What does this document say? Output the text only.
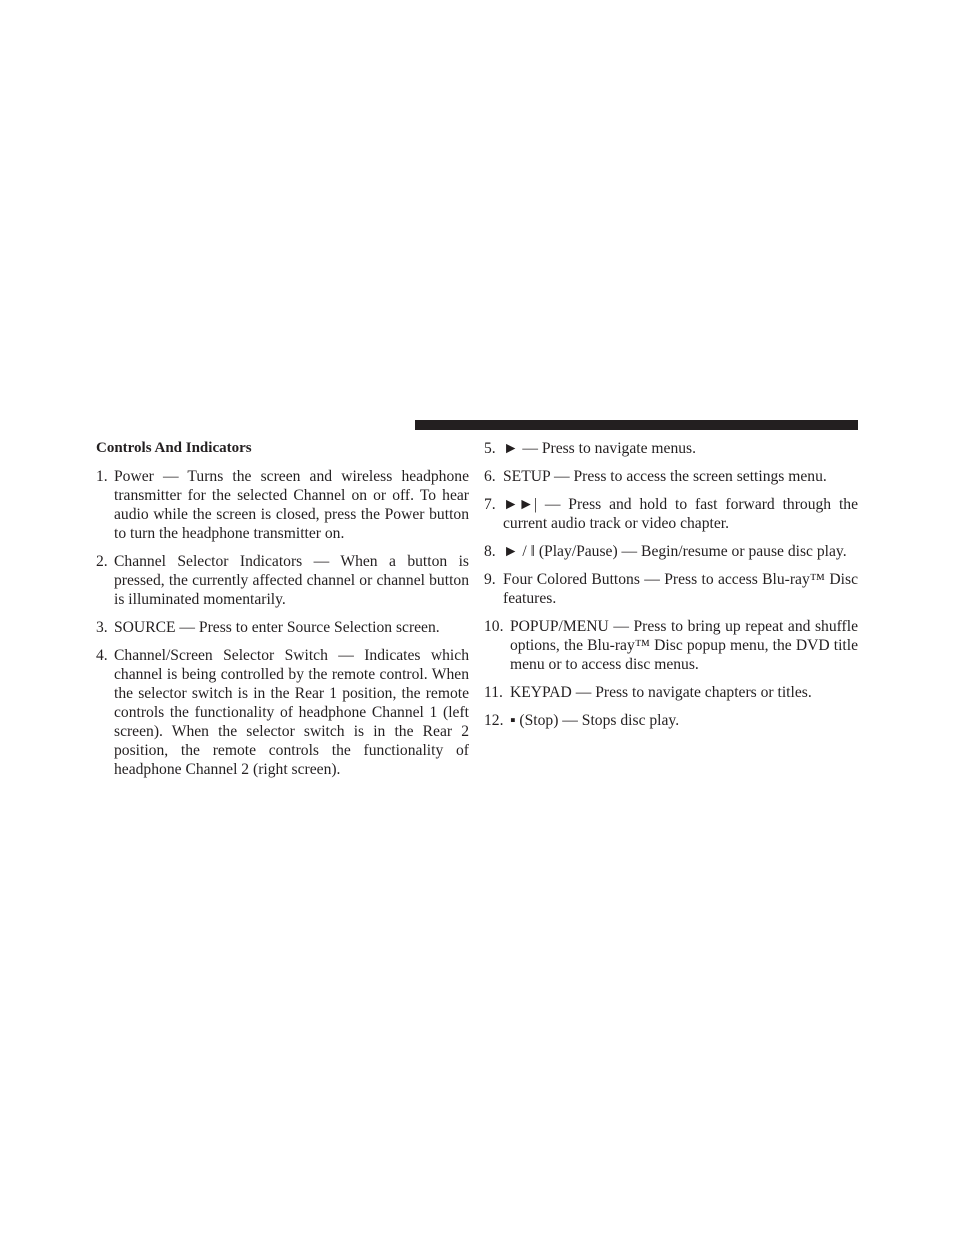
Controls And Indicators
1. Power — Turns the screen and wireless headphone transmitter for the selected Channel on or off. To hear audio while the screen is closed, press the Power button to turn the headphone transmitter on.
2. Channel Selector Indicators — When a button is pressed, the currently affected channel or channel button is illuminated momentarily.
3. SOURCE — Press to enter Source Selection screen.
4. Channel/Screen Selector Switch — Indicates which channel is being controlled by the remote control. When the selector switch is in the Rear 1 position, the remote controls the functionality of headphone Channel 1 (left screen). When the selector switch is in the Rear 2 position, the remote controls the functionality of headphone Channel 2 (right screen).
5. ► — Press to navigate menus.
6. SETUP — Press to access the screen settings menu.
7. ►►| — Press and hold to fast forward through the current audio track or video chapter.
8. ► / ‖ (Play/Pause) — Begin/resume or pause disc play.
9. Four Colored Buttons — Press to access Blu-ray™ Disc features.
10. POPUP/MENU — Press to bring up repeat and shuffle options, the Blu-ray™ Disc popup menu, the DVD title menu or to access disc menus.
11. KEYPAD — Press to navigate chapters or titles.
12. ▪ (Stop) — Stops disc play.
